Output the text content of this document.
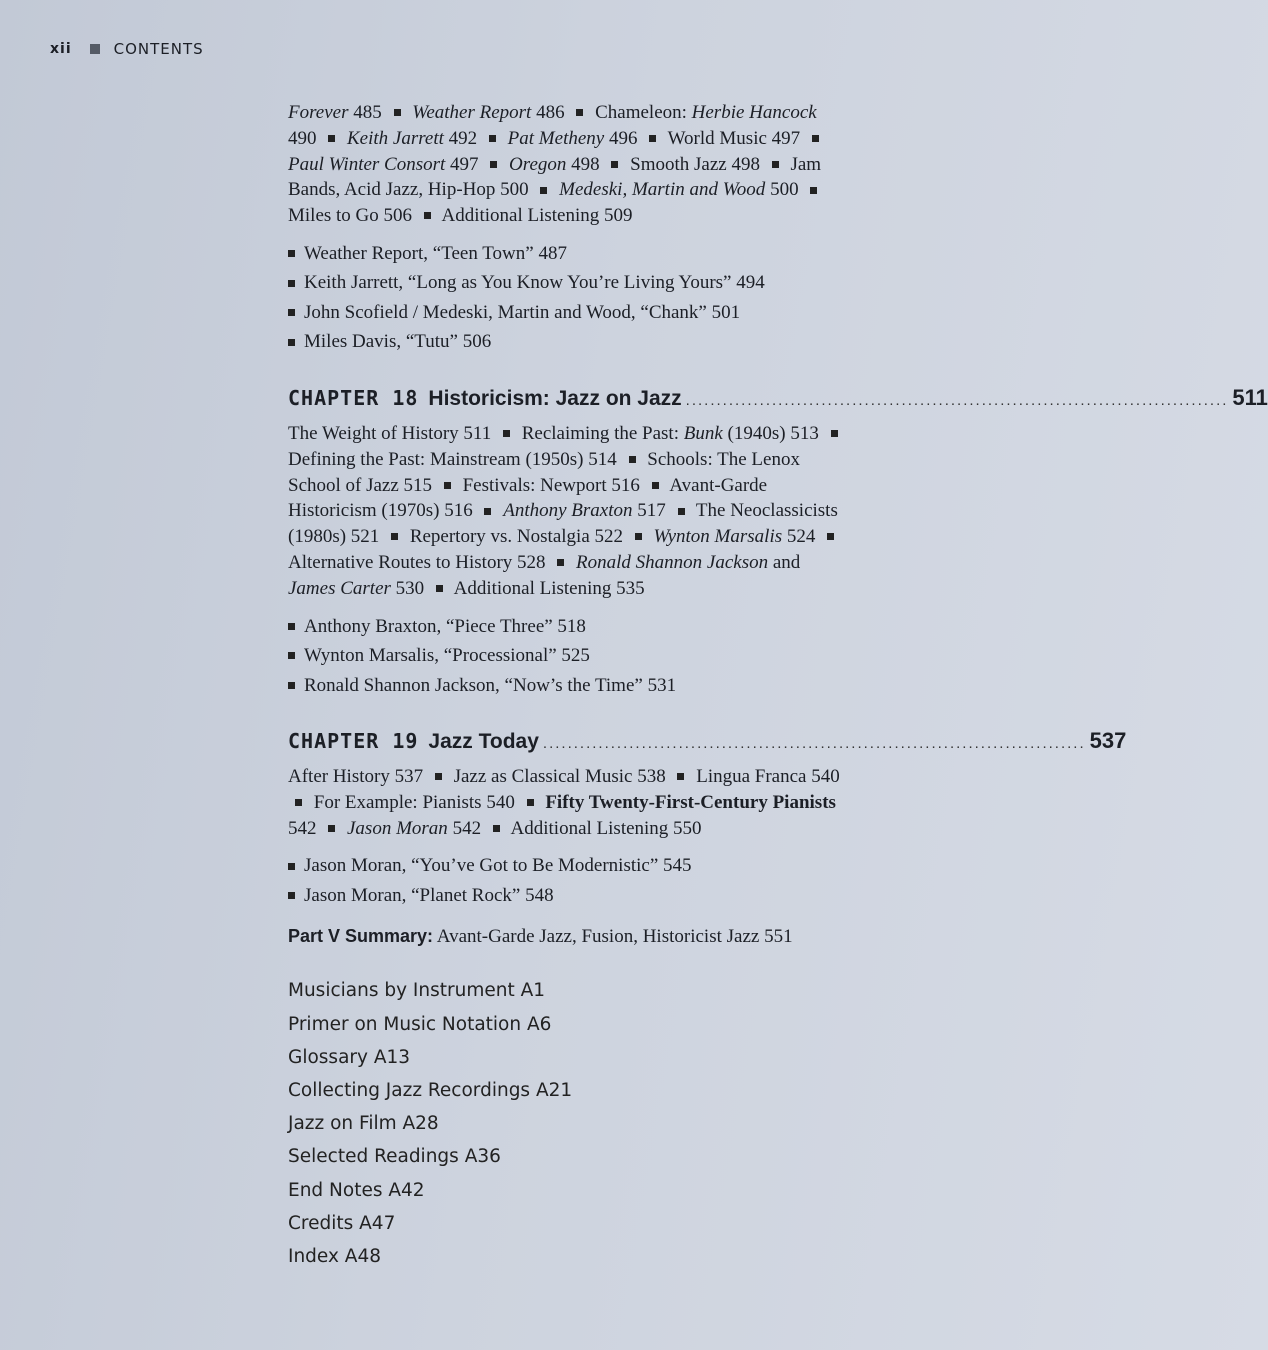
xii	CONTENTS

Forever 485 Weather Report 486 Chameleon: Herbie Hancock 490 Keith Jarrett 492 Pat Metheny 496 World Music 497  Paul Winter Consort 497 Oregon 498 Smooth Jazz 498 Jam Bands, Acid Jazz, Hip-Hop 500 Medeski, Martin and Wood 500  Miles to Go 506 Additional Listening 509

Weather Report, “Teen Town” 487
Keith Jarrett, “Long as You Know You’re Living Yours” 494
John Scofield / Medeski, Martin and Wood, “Chank” 501
Miles Davis, “Tutu” 506
CHAPTER 18 Historicism: Jazz on Jazz ........................................................................................ 511

The Weight of History 511 Reclaiming the Past: Bunk (1940s) 513  Defining the Past: Mainstream (1950s) 514 Schools: The Lenox School of Jazz 515 Festivals: Newport 516 Avant-Garde Historicism (1970s) 516 Anthony Braxton 517 The Neoclassicists (1980s) 521 Repertory vs. Nostalgia 522 Wynton Marsalis 524  Alternative Routes to History 528 Ronald Shannon Jackson and James Carter 530 Additional Listening 535

Anthony Braxton, “Piece Three” 518
Wynton Marsalis, “Processional” 525
Ronald Shannon Jackson, “Now’s the Time” 531
CHAPTER 19 Jazz Today ........................................................................................ 537

After History 537 Jazz as Classical Music 538 Lingua Franca 540  For Example: Pianists 540 Fifty Twenty-First-Century Pianists 542 Jason Moran 542 Additional Listening 550

Jason Moran, “You’ve Got to Be Modernistic” 545
Jason Moran, “Planet Rock” 548
Part V Summary: Avant-Garde Jazz, Fusion, Historicist Jazz 551
Musicians by Instrument A1
Primer on Music Notation A6
Glossary A13
Collecting Jazz Recordings A21
Jazz on Film A28
Selected Readings A36
End Notes A42
Credits A47
Index A48
